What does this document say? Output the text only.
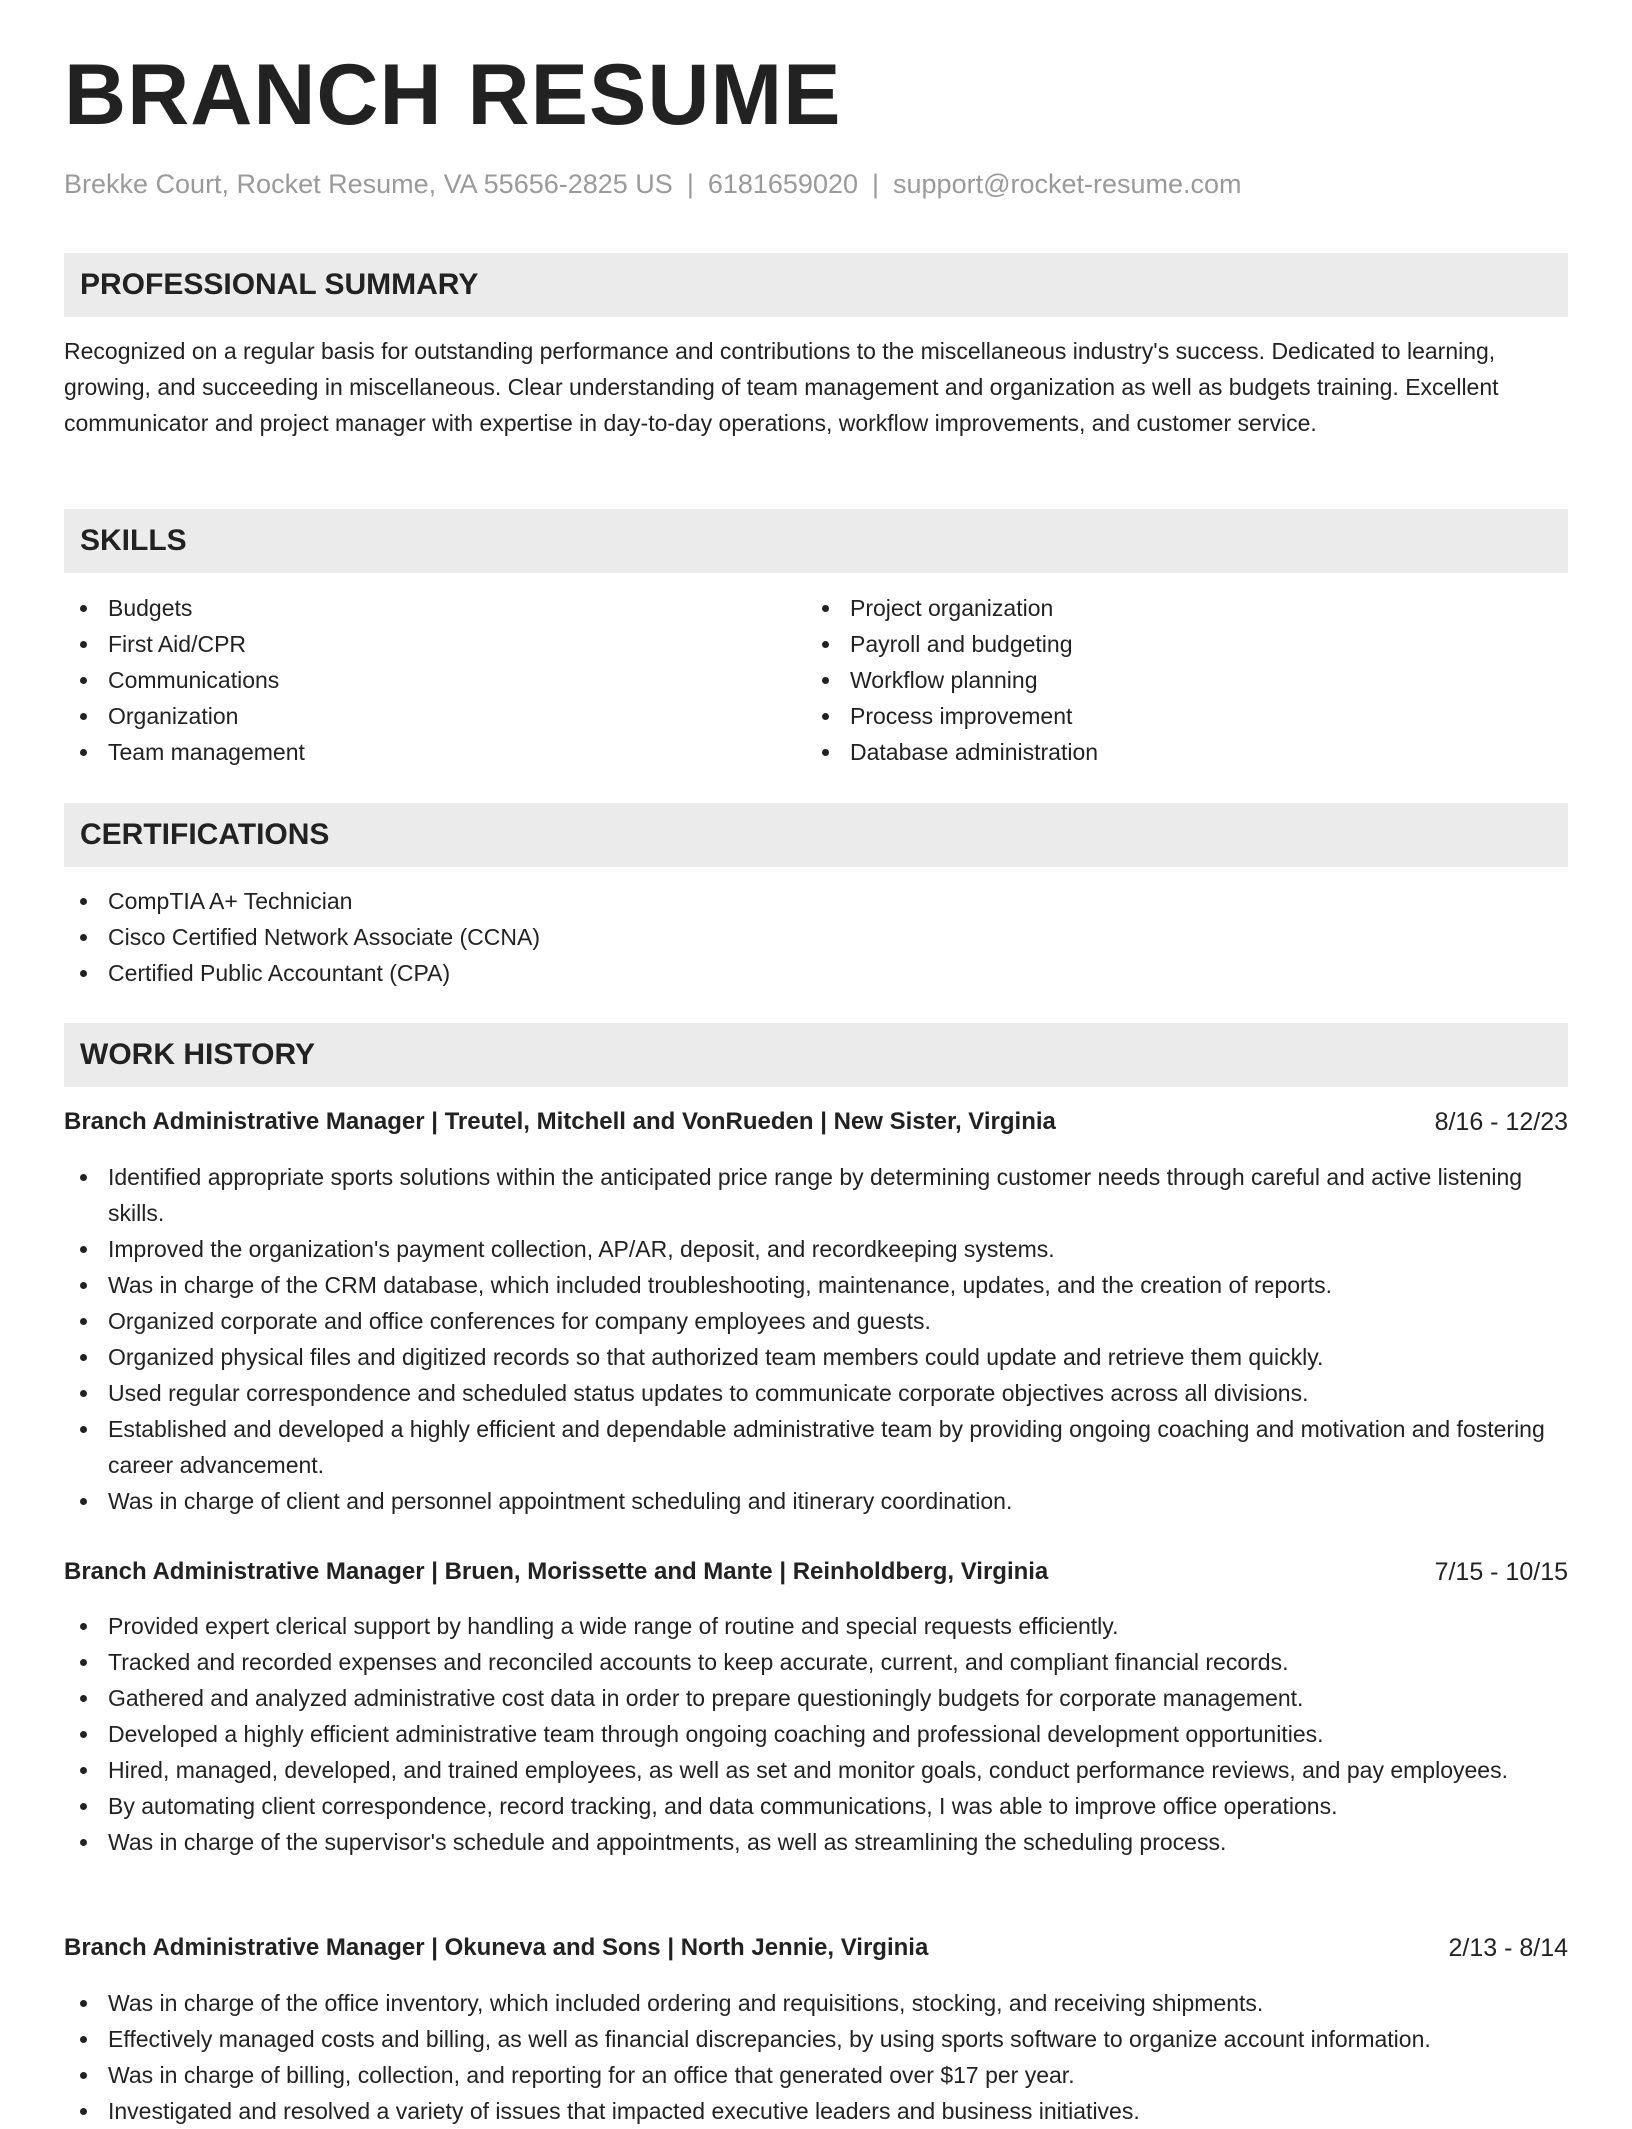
BRANCH RESUME
Brekke Court, Rocket Resume, VA 55656-2825 US | 6181659020 | support@rocket-resume.com
PROFESSIONAL SUMMARY
Recognized on a regular basis for outstanding performance and contributions to the miscellaneous industry's success. Dedicated to learning, growing, and succeeding in miscellaneous. Clear understanding of team management and organization as well as budgets training. Excellent communicator and project manager with expertise in day-to-day operations, workflow improvements, and customer service.
SKILLS
Budgets
First Aid/CPR
Communications
Organization
Team management
Project organization
Payroll and budgeting
Workflow planning
Process improvement
Database administration
CERTIFICATIONS
CompTIA A+ Technician
Cisco Certified Network Associate (CCNA)
Certified Public Accountant (CPA)
WORK HISTORY
Branch Administrative Manager | Treutel, Mitchell and VonRueden | New Sister, Virginia	8/16 - 12/23
Identified appropriate sports solutions within the anticipated price range by determining customer needs through careful and active listening skills.
Improved the organization's payment collection, AP/AR, deposit, and recordkeeping systems.
Was in charge of the CRM database, which included troubleshooting, maintenance, updates, and the creation of reports.
Organized corporate and office conferences for company employees and guests.
Organized physical files and digitized records so that authorized team members could update and retrieve them quickly.
Used regular correspondence and scheduled status updates to communicate corporate objectives across all divisions.
Established and developed a highly efficient and dependable administrative team by providing ongoing coaching and motivation and fostering career advancement.
Was in charge of client and personnel appointment scheduling and itinerary coordination.
Branch Administrative Manager | Bruen, Morissette and Mante | Reinholdberg, Virginia	7/15 - 10/15
Provided expert clerical support by handling a wide range of routine and special requests efficiently.
Tracked and recorded expenses and reconciled accounts to keep accurate, current, and compliant financial records.
Gathered and analyzed administrative cost data in order to prepare questioningly budgets for corporate management.
Developed a highly efficient administrative team through ongoing coaching and professional development opportunities.
Hired, managed, developed, and trained employees, as well as set and monitor goals, conduct performance reviews, and pay employees.
By automating client correspondence, record tracking, and data communications, I was able to improve office operations.
Was in charge of the supervisor's schedule and appointments, as well as streamlining the scheduling process.
Branch Administrative Manager | Okuneva and Sons | North Jennie, Virginia	2/13 - 8/14
Was in charge of the office inventory, which included ordering and requisitions, stocking, and receiving shipments.
Effectively managed costs and billing, as well as financial discrepancies, by using sports software to organize account information.
Was in charge of billing, collection, and reporting for an office that generated over $17 per year.
Investigated and resolved a variety of issues that impacted executive leaders and business initiatives.
